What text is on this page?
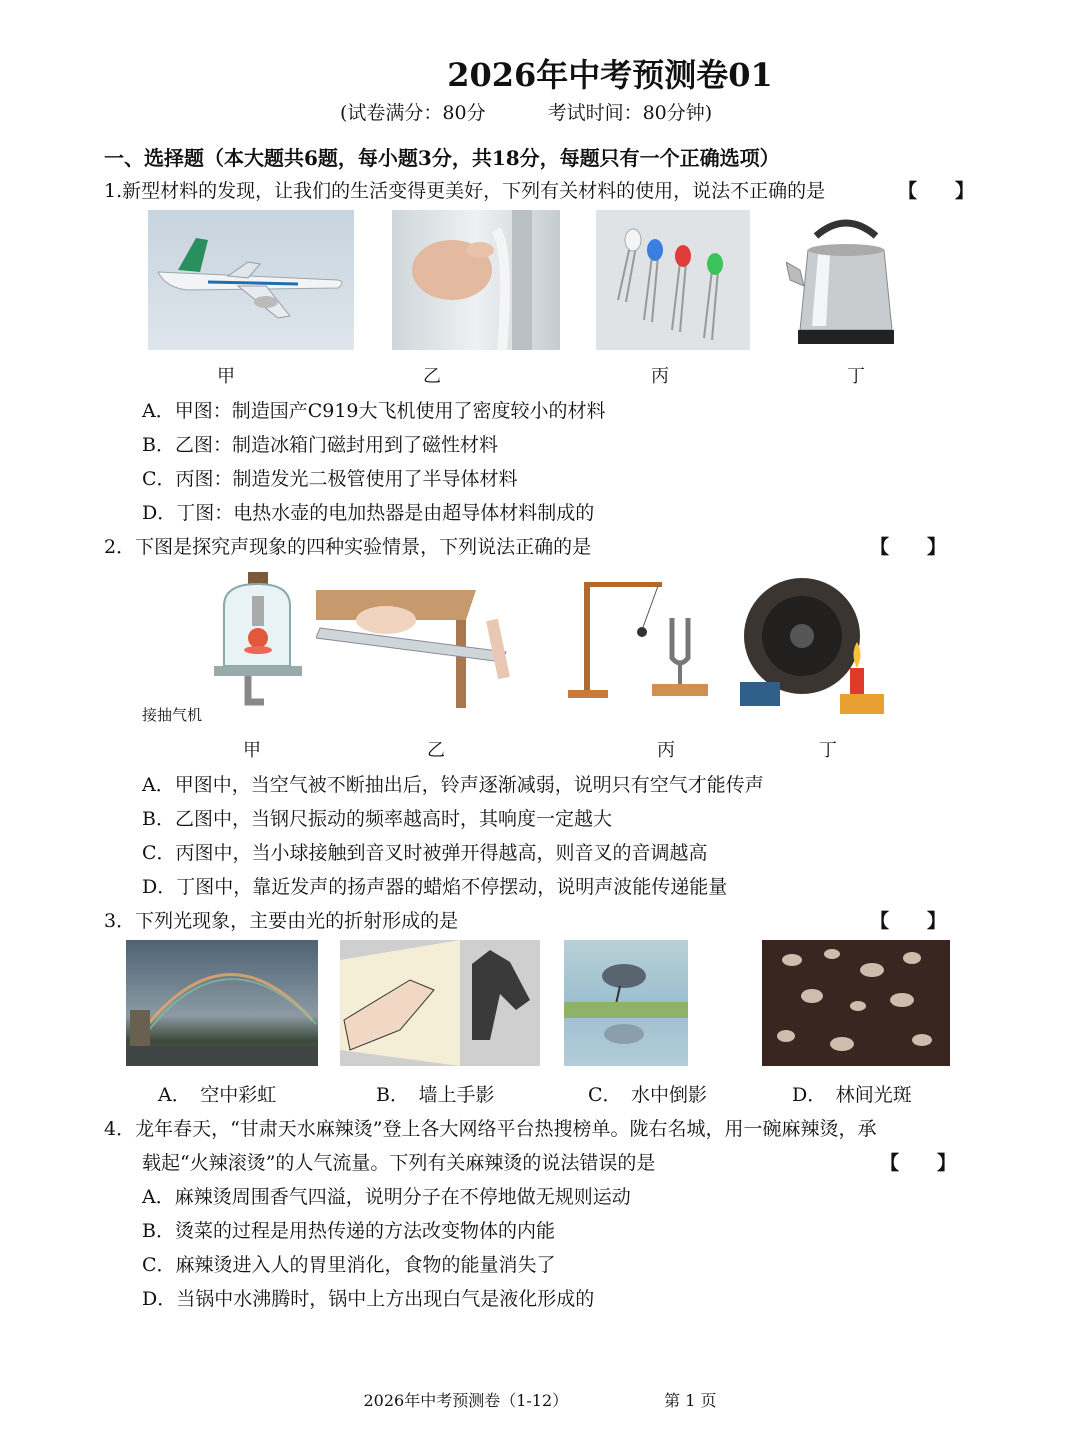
2026年中考预测卷01
(试卷满分：80分	考试时间：80分钟)
一、选择题（本大题共6题，每小题3分，共18分，每题只有一个正确选项）
1.新型材料的发现，让我们的生活变得更美好，下列有关材料的使用，说法不正确的是	【　　】
甲	乙	丙	丁
A．甲图：制造国产C919大飞机使用了密度较小的材料
B．乙图：制造冰箱门磁封用到了磁性材料
C．丙图：制造发光二极管使用了半导体材料
D．丁图：电热水壶的电加热器是由超导体材料制成的
2．下图是探究声现象的四种实验情景，下列说法正确的是	【　　】
接抽气机
甲	乙	丙	丁
A．甲图中，当空气被不断抽出后，铃声逐渐减弱，说明只有空气才能传声
B．乙图中，当钢尺振动的频率越高时，其响度一定越大
C．丙图中，当小球接触到音叉时被弹开得越高，则音叉的音调越高
D．丁图中，靠近发声的扬声器的蜡焰不停摆动，说明声波能传递能量
3．下列光现象，主要由光的折射形成的是	【　　】
A．　空中彩虹	B．　墙上手影	C．　水中倒影	D．　林间光斑
4．龙年春天，“甘肃天水麻辣烫”登上各大网络平台热搜榜单。陇右名城，用一碗麻辣烫，承
载起“火辣滚烫”的人气流量。下列有关麻辣烫的说法错误的是	【　　】
A．麻辣烫周围香气四溢，说明分子在不停地做无规则运动
B．烫菜的过程是用热传递的方法改变物体的内能
C．麻辣烫进入人的胃里消化，食物的能量消失了
D．当锅中水沸腾时，锅中上方出现白气是液化形成的
2026年中考预测卷（1-12）	第 1 页
